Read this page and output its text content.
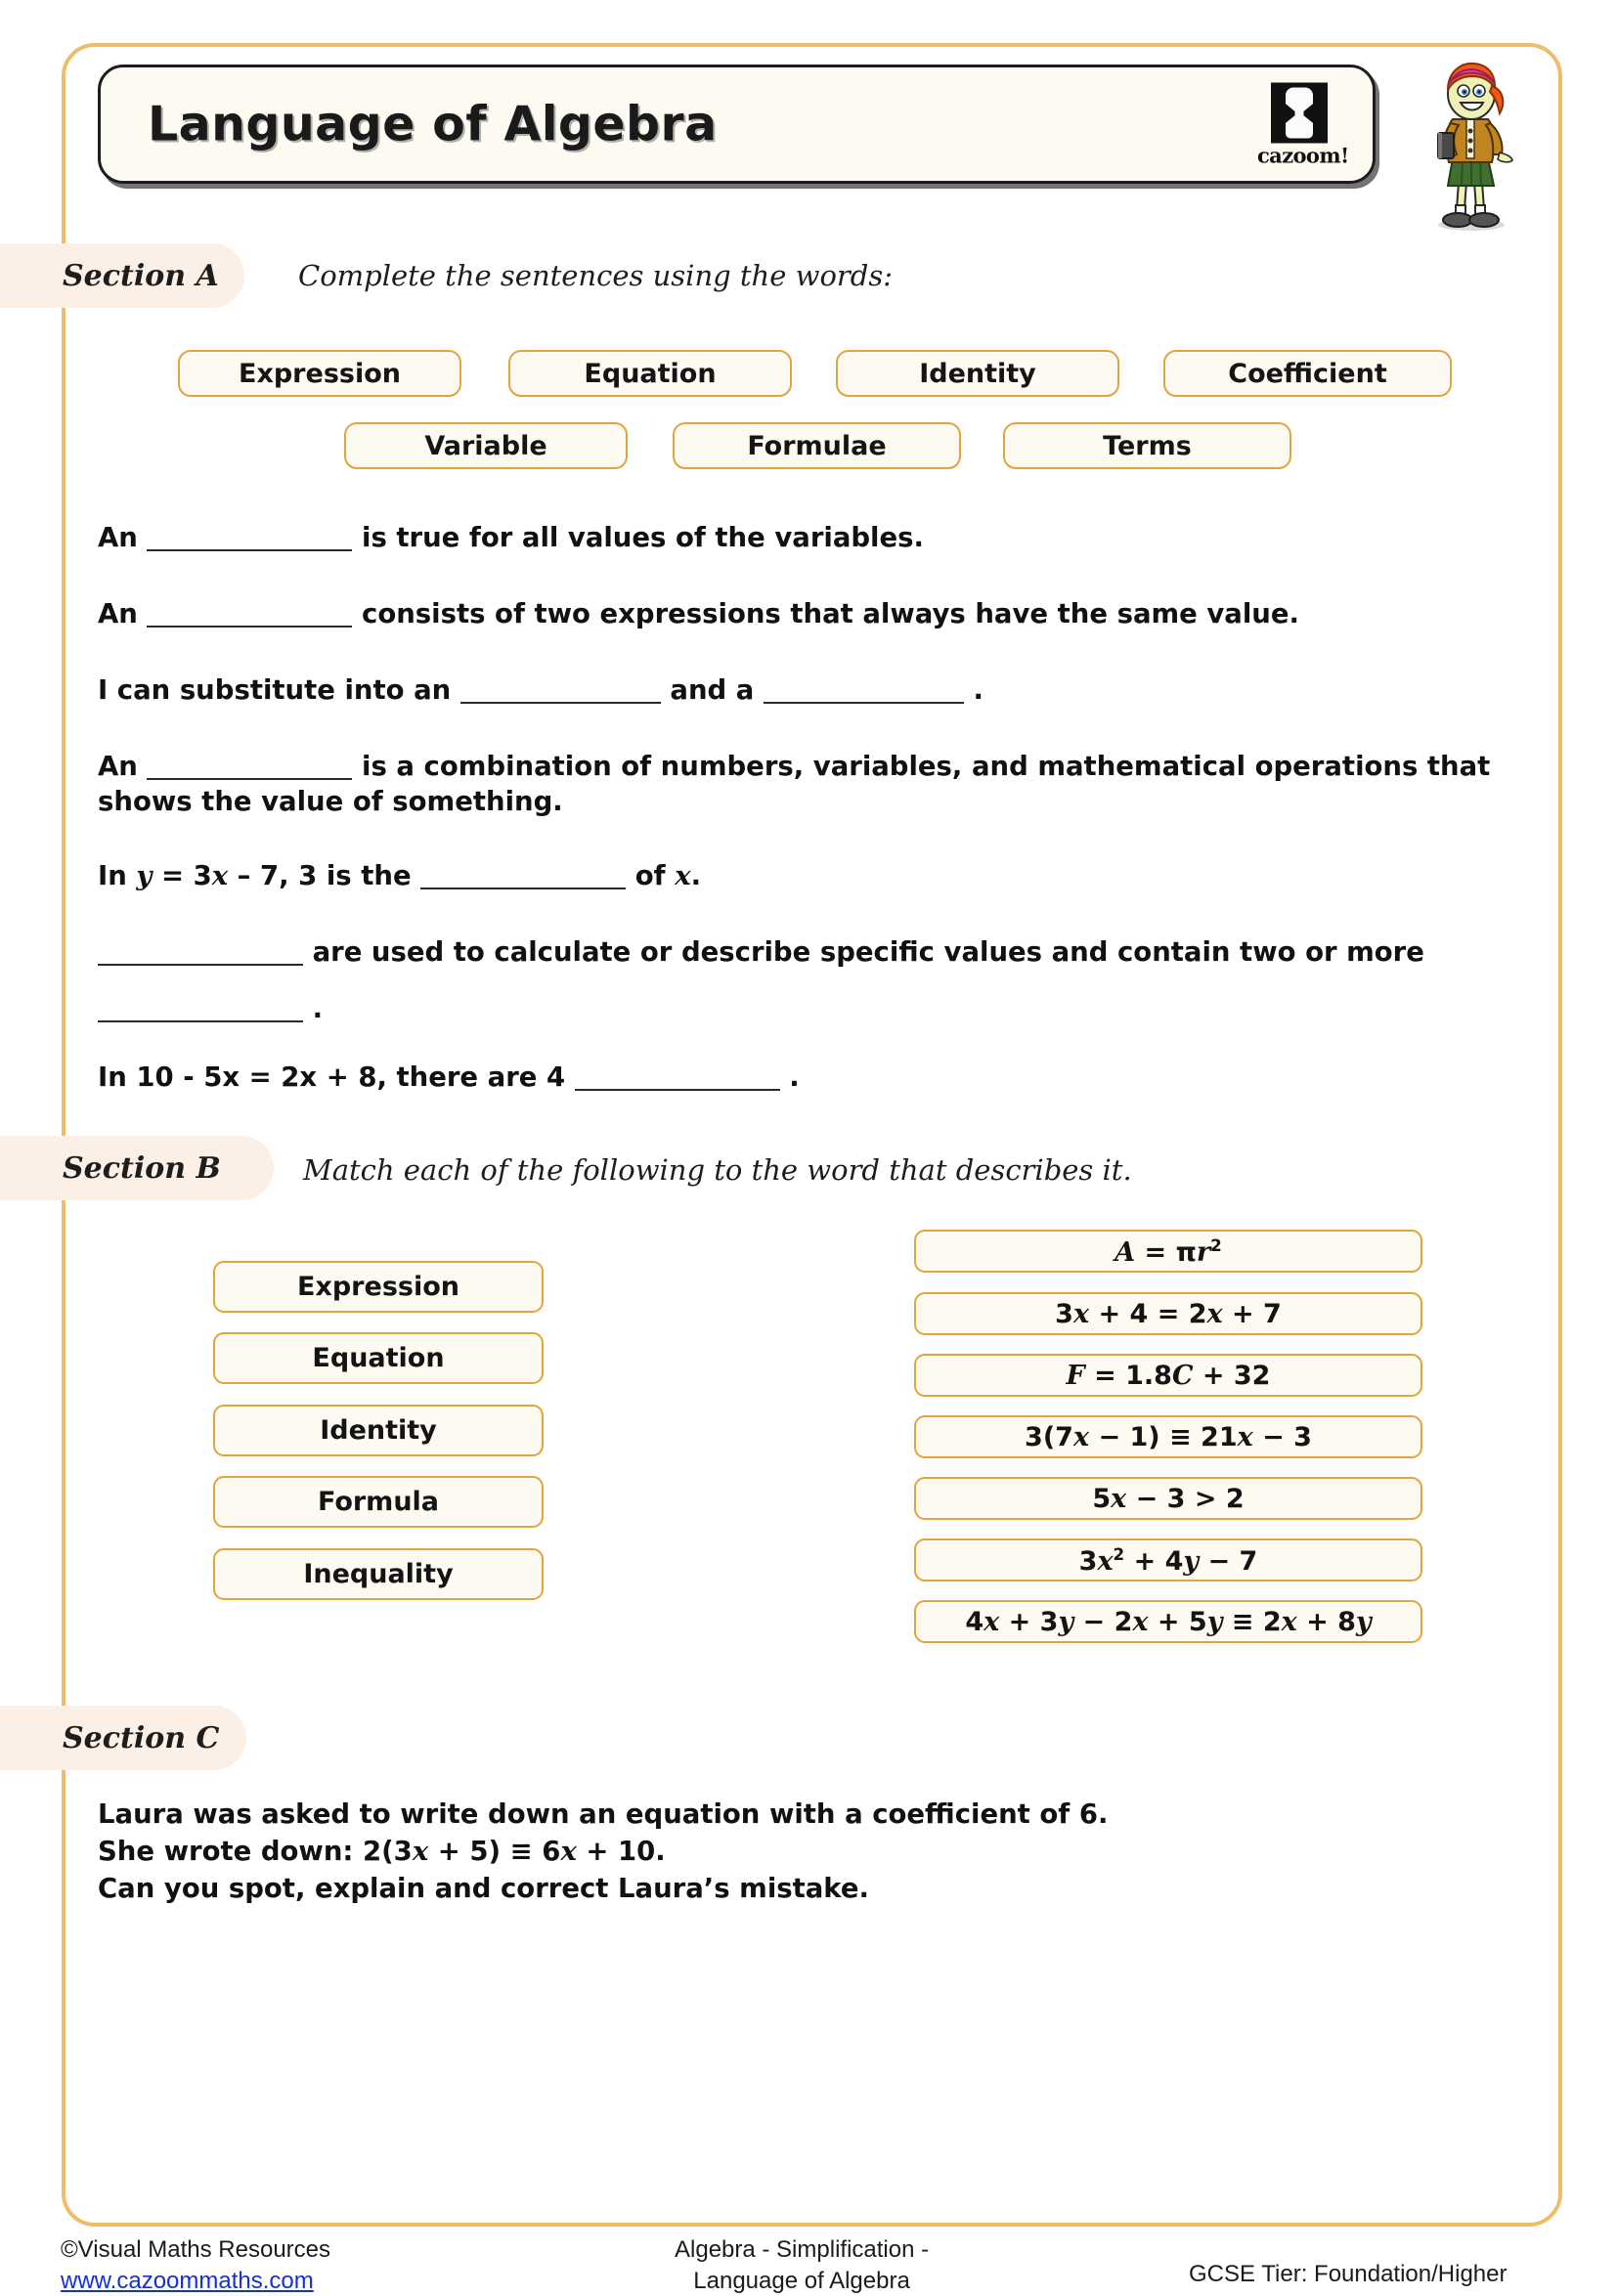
Language of Algebra
cazoom!
Section A	Complete the sentences using the words:
Expression	Equation	Identity	Coefficient
Variable	Formulae	Terms
An	is true for all values of the variables.
An	consists of two expressions that always have the same value.
I can substitute into an	and a	.
An	is a combination of numbers, variables, and mathematical operations that
shows the value of something.
In y = 3x – 7, 3 is the	of x.
are used to calculate or describe specific values and contain two or more
.
In 10 - 5x = 2x + 8, there are 4	.
Section B	Match each of the following to the word that describes it.
Expression
Equation
Identity
Formula
Inequality
$A = \pi r^2$
3x + 4 = 2x + 7
F = 1.8C + 32
3(7x − 1) ≡ 21x − 3
5x − 3 > 2
$3x^2 + 4y - 7$
4x + 3y − 2x + 5y ≡ 2x + 8y
Section C
Laura was asked to write down an equation with a coefficient of 6.
She wrote down: 2(3x + 5) ≡ 6x + 10.
Can you spot, explain and correct Laura’s mistake.
©Visual Maths Resources
www.cazoommaths.com
Algebra - Simplification -
Language of Algebra	GCSE Tier: Foundation/Higher
